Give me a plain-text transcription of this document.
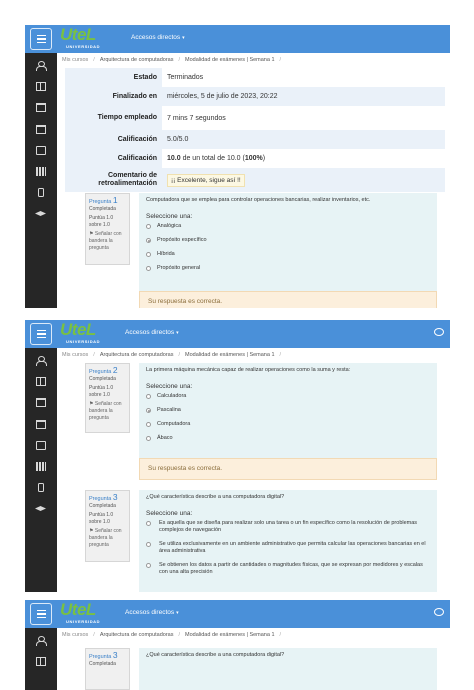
UteL
UNIVERSIDAD
Accesos directos ▾
Mis cursos / Arquitectura de computadoras / Modalidad de exámenes | Semana 1 /
Estado	Terminados
Finalizado en	miércoles, 5 de julio de 2023, 20:22
Tiempo empleado	7 mins 7 segundos
Calificación	5.0/5.0
Calificación	10.0 de un total de 10.0 ( 100% )
Comentario de retroalimentación	¡¡ Excelente, sigue así !!
Pregunta 1
Completada
Puntúa 1.0 sobre 1.0
⚑ Señalar con bandera la pregunta
Computadora que se emplea para controlar operaciones bancarias, realizar inventarios, etc.
Seleccione una:
Analógica
Propósito específico
Híbrida
Propósito general
Su respuesta es correcta.
UteL
UNIVERSIDAD
Accesos directos ▾
Mis cursos / Arquitectura de computadoras / Modalidad de exámenes | Semana 1 /
Pregunta 2
Completada
Puntúa 1.0 sobre 1.0
⚑ Señalar con bandera la pregunta
La primera máquina mecánica capaz de realizar operaciones como la suma y resta:
Seleccione una:
Calculadora
Pascalina
Computadora
Ábaco
Su respuesta es correcta.
Pregunta 3
Completada
Puntúa 1.0 sobre 1.0
⚑ Señalar con bandera la pregunta
¿Qué característica describe a una computadora digital?
Seleccione una:
Es aquella que se diseña para realizar solo una tarea o un fin específico como la resolución de problemas complejos de navegación
Se utiliza exclusivamente en un ambiente administrativo que permita calcular las operaciones bancarias en el área administrativa
Se obtienen los datos a partir de cantidades o magnitudes físicas, que se expresan por medidores y escalas con una alta precisión
UteL
UNIVERSIDAD
Accesos directos ▾
Mis cursos / Arquitectura de computadoras / Modalidad de exámenes | Semana 1 /
Pregunta 3
Completada
¿Qué característica describe a una computadora digital?
